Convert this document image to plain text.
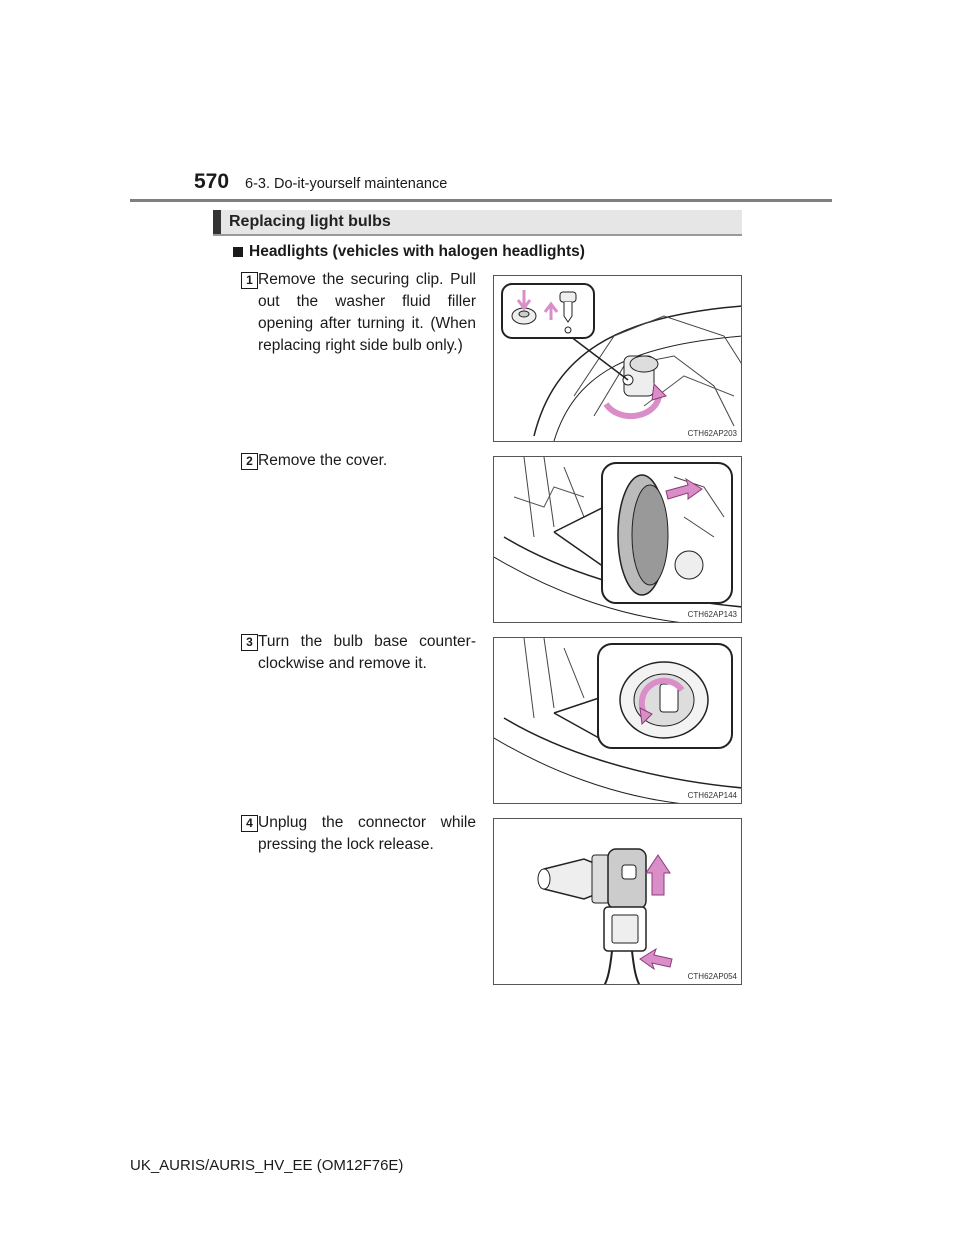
570 6-3. Do-it-yourself maintenance
Replacing light bulbs
Headlights (vehicles with halogen headlights)
1 Remove the securing clip. Pull out the washer fluid filler opening after turning it. (When replacing right side bulb only.)
CTH62AP203
2 Remove the cover.
CTH62AP143
3 Turn the bulb base counter-clockwise and remove it.
CTH62AP144
4 Unplug the connector while pressing the lock release.
CTH62AP054
UK_AURIS/AURIS_HV_EE (OM12F76E)
